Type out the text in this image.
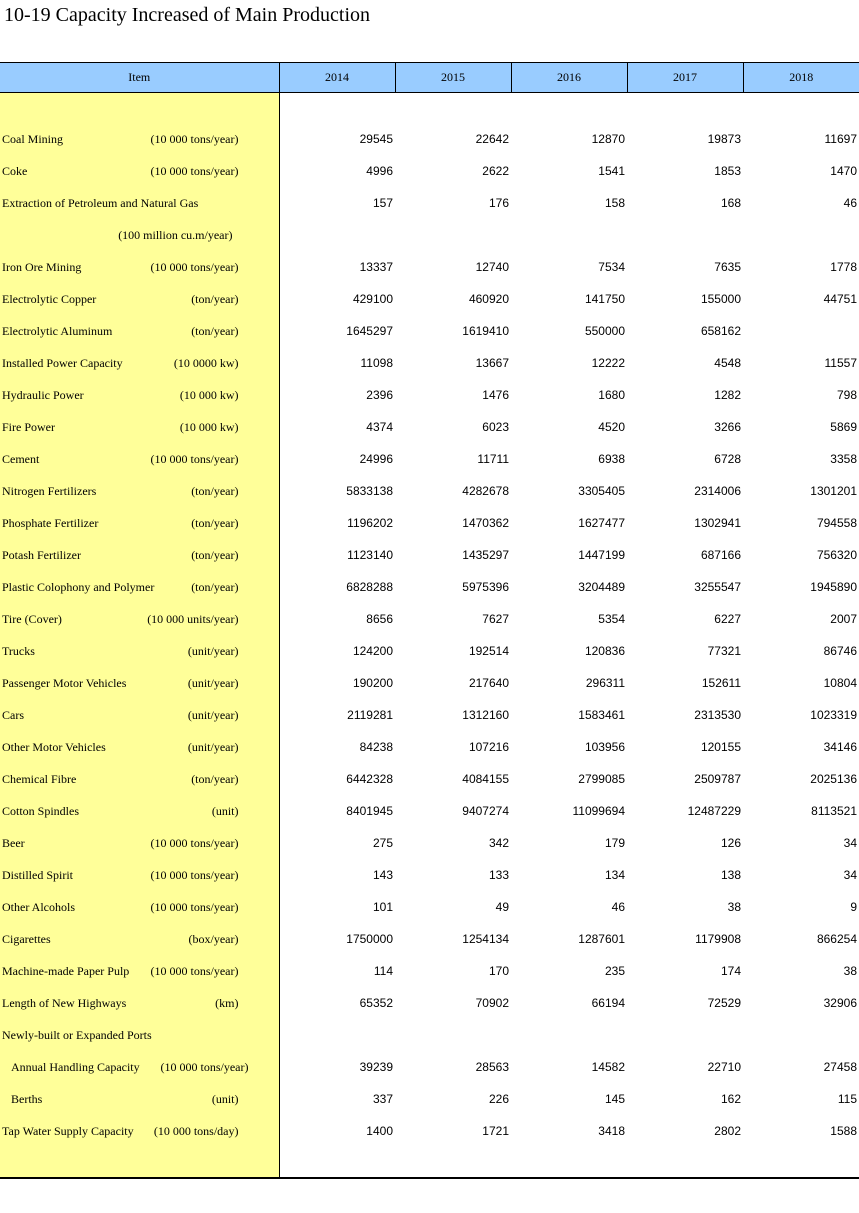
10-19 Capacity Increased of Main Production
Item	2014	2015	2016	2017	2018

Coal Mining (10 000 tons/year)	29545	22642	12870	19873	11697

Coke (10 000 tons/year)	4996	2622	1541	1853	1470

Extraction of Petroleum and Natural Gas	157	176	158	168	46

(100 million cu.m/year)					

Iron Ore Mining (10 000 tons/year)	13337	12740	7534	7635	1778

Electrolytic Copper (ton/year)	429100	460920	141750	155000	44751

Electrolytic Aluminum (ton/year)	1645297	1619410	550000	658162	

Installed Power Capacity (10 0000 kw)	11098	13667	12222	4548	11557

Hydraulic Power (10 000 kw)	2396	1476	1680	1282	798

Fire Power (10 000 kw)	4374	6023	4520	3266	5869

Cement (10 000 tons/year)	24996	11711	6938	6728	3358

Nitrogen Fertilizers (ton/year)	5833138	4282678	3305405	2314006	1301201

Phosphate Fertilizer (ton/year)	1196202	1470362	1627477	1302941	794558

Potash Fertilizer (ton/year)	1123140	1435297	1447199	687166	756320

Plastic Colophony and Polymer (ton/year)	6828288	5975396	3204489	3255547	1945890

Tire (Cover) (10 000 units/year)	8656	7627	5354	6227	2007

Trucks (unit/year)	124200	192514	120836	77321	86746

Passenger Motor Vehicles (unit/year)	190200	217640	296311	152611	10804

Cars (unit/year)	2119281	1312160	1583461	2313530	1023319

Other Motor Vehicles (unit/year)	84238	107216	103956	120155	34146

Chemical Fibre (ton/year)	6442328	4084155	2799085	2509787	2025136

Cotton Spindles (unit)	8401945	9407274	11099694	12487229	8113521

Beer (10 000 tons/year)	275	342	179	126	34

Distilled Spirit (10 000 tons/year)	143	133	134	138	34

Other Alcohols (10 000 tons/year)	101	49	46	38	9

Cigarettes (box/year)	1750000	1254134	1287601	1179908	866254

Machine-made Paper Pulp (10 000 tons/year)	114	170	235	174	38

Length of New Highways (km)	65352	70902	66194	72529	32906

Newly-built or Expanded Ports					

Annual Handling Capacity (10 000 tons/year)	39239	28563	14582	22710	27458

Berths (unit)	337	226	145	162	115

Tap Water Supply Capacity (10 000 tons/day)	1400	1721	3418	2802	1588
